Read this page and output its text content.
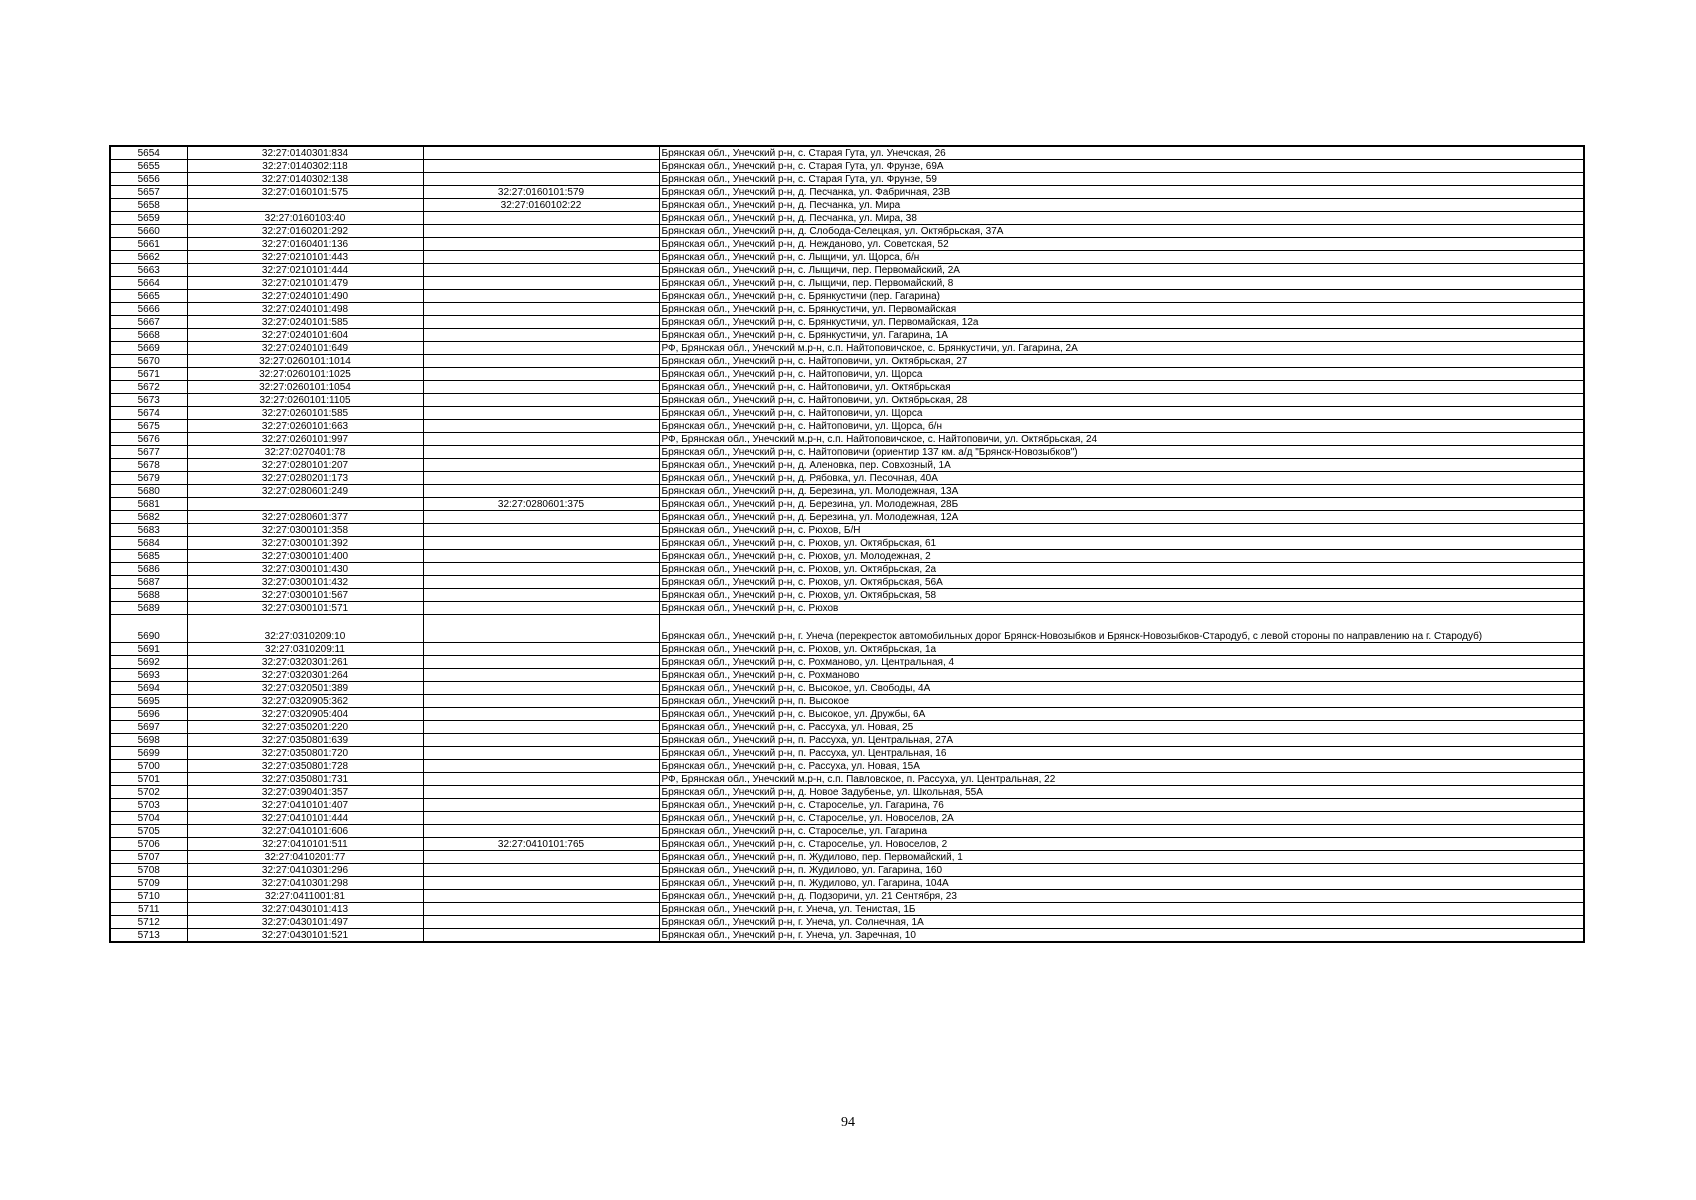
5654	32:27:0140301:834		Брянская обл., Унечский р-н, с. Старая Гута, ул. Унечская, 26
5655	32:27:0140302:118		Брянская обл., Унечский р-н, с. Старая Гута, ул. Фрунзе, 69А
5656	32:27:0140302:138		Брянская обл., Унечский р-н, с. Старая Гута, ул. Фрунзе, 59
5657	32:27:0160101:575	32:27:0160101:579	Брянская обл., Унечский р-н, д. Песчанка, ул. Фабричная, 23В
5658		32:27:0160102:22	Брянская обл., Унечский р-н, д. Песчанка, ул. Мира
5659	32:27:0160103:40		Брянская обл., Унечский р-н, д. Песчанка, ул. Мира, 38
5660	32:27:0160201:292		Брянская обл., Унечский р-н, д. Слобода-Селецкая, ул. Октябрьская, 37А
5661	32:27:0160401:136		Брянская обл., Унечский р-н, д. Нежданово, ул. Советская, 52
5662	32:27:0210101:443		Брянская обл., Унечский р-н, с. Лыщичи, ул. Щорса, б/н
5663	32:27:0210101:444		Брянская обл., Унечский р-н, с. Лыщичи, пер. Первомайский, 2А
5664	32:27:0210101:479		Брянская обл., Унечский р-н, с. Лыщичи, пер. Первомайский, 8
5665	32:27:0240101:490		Брянская обл., Унечский р-н, с. Брянкустичи (пер. Гагарина)
5666	32:27:0240101:498		Брянская обл., Унечский р-н, с. Брянкустичи, ул. Первомайская
5667	32:27:0240101:585		Брянская обл., Унечский р-н, с. Брянкустичи, ул. Первомайская, 12а
5668	32:27:0240101:604		Брянская обл., Унечский р-н, с. Брянкустичи, ул. Гагарина, 1А
5669	32:27:0240101:649		РФ, Брянская обл., Унечский м.р-н, с.п. Найтоповичское, с. Брянкустичи, ул. Гагарина, 2А
5670	32:27:0260101:1014		Брянская обл., Унечский р-н, с. Найтоповичи, ул. Октябрьская, 27
5671	32:27:0260101:1025		Брянская обл., Унечский р-н, с. Найтоповичи, ул. Щорса
5672	32:27:0260101:1054		Брянская обл., Унечский р-н, с. Найтоповичи, ул. Октябрьская
5673	32:27:0260101:1105		Брянская обл., Унечский р-н, с. Найтоповичи, ул. Октябрьская, 28
5674	32:27:0260101:585		Брянская обл., Унечский р-н, с. Найтоповичи, ул. Щорса
5675	32:27:0260101:663		Брянская обл., Унечский р-н, с. Найтоповичи, ул. Щорса, б/н
5676	32:27:0260101:997		РФ, Брянская обл., Унечский м.р-н, с.п. Найтоповичское, с. Найтоповичи, ул. Октябрьская, 24
5677	32:27:0270401:78		Брянская обл., Унечский р-н, с. Найтоповичи (ориентир 137 км. а/д "Брянск-Новозыбков")
5678	32:27:0280101:207		Брянская обл., Унечский р-н, д. Аленовка, пер. Совхозный, 1А
5679	32:27:0280201:173		Брянская обл., Унечский р-н, д. Рябовка, ул. Песочная, 40А
5680	32:27:0280601:249		Брянская обл., Унечский р-н, д. Березина, ул. Молодежная, 13А
5681		32:27:0280601:375	Брянская обл., Унечский р-н, д. Березина, ул. Молодежная, 28Б
5682	32:27:0280601:377		Брянская обл., Унечский р-н, д. Березина, ул. Молодежная, 12А
5683	32:27:0300101:358		Брянская обл., Унечский р-н, с. Рюхов, Б/Н
5684	32:27:0300101:392		Брянская обл., Унечский р-н, с. Рюхов, ул. Октябрьская, 61
5685	32:27:0300101:400		Брянская обл., Унечский р-н, с. Рюхов, ул. Молодежная, 2
5686	32:27:0300101:430		Брянская обл., Унечский р-н, с. Рюхов, ул. Октябрьская, 2а
5687	32:27:0300101:432		Брянская обл., Унечский р-н, с. Рюхов, ул. Октябрьская, 56А
5688	32:27:0300101:567		Брянская обл., Унечский р-н, с. Рюхов, ул. Октябрьская, 58
5689	32:27:0300101:571		Брянская обл., Унечский р-н, с. Рюхов
5690	32:27:0310209:10		Брянская обл., Унечский р-н, г. Унеча (перекресток автомобильных дорог Брянск-Новозыбков и Брянск-Новозыбков-Стародуб, с левой стороны по направлению на г. Стародуб)
5691	32:27:0310209:11		Брянская обл., Унечский р-н, с. Рюхов, ул. Октябрьская, 1а
5692	32:27:0320301:261		Брянская обл., Унечский р-н, с. Рохманово, ул. Центральная, 4
5693	32:27:0320301:264		Брянская обл., Унечский р-н, с. Рохманово
5694	32:27:0320501:389		Брянская обл., Унечский р-н, с. Высокое, ул. Свободы, 4А
5695	32:27:0320905:362		Брянская обл., Унечский р-н, п. Высокое
5696	32:27:0320905:404		Брянская обл., Унечский р-н, с. Высокое, ул. Дружбы, 6А
5697	32:27:0350201:220		Брянская обл., Унечский р-н, с. Рассуха, ул. Новая, 25
5698	32:27:0350801:639		Брянская обл., Унечский р-н, п. Рассуха, ул. Центральная, 27А
5699	32:27:0350801:720		Брянская обл., Унечский р-н, п. Рассуха, ул. Центральная, 16
5700	32:27:0350801:728		Брянская обл., Унечский р-н, с. Рассуха, ул. Новая, 15А
5701	32:27:0350801:731		РФ, Брянская обл., Унечский м.р-н, с.п. Павловское, п. Рассуха, ул. Центральная, 22
5702	32:27:0390401:357		Брянская обл., Унечский р-н, д. Новое Задубенье, ул. Школьная, 55А
5703	32:27:0410101:407		Брянская обл., Унечский р-н, с. Староселье, ул. Гагарина, 76
5704	32:27:0410101:444		Брянская обл., Унечский р-н, с. Староселье, ул. Новоселов, 2А
5705	32:27:0410101:606		Брянская обл., Унечский р-н, с. Староселье, ул. Гагарина
5706	32:27:0410101:511	32:27:0410101:765	Брянская обл., Унечский р-н, с. Староселье, ул. Новоселов, 2
5707	32:27:0410201:77		Брянская обл., Унечский р-н, п. Жудилово, пер. Первомайский, 1
5708	32:27:0410301:296		Брянская обл., Унечский р-н, п. Жудилово, ул. Гагарина, 160
5709	32:27:0410301:298		Брянская обл., Унечский р-н, п. Жудилово, ул. Гагарина, 104А
5710	32:27:0411001:81		Брянская обл., Унечский р-н, д. Подзоричи, ул. 21 Сентября, 23
5711	32:27:0430101:413		Брянская обл., Унечский р-н, г. Унеча, ул. Тенистая, 1Б
5712	32:27:0430101:497		Брянская обл., Унечский р-н, г. Унеча, ул. Солнечная, 1А
5713	32:27:0430101:521		Брянская обл., Унечский р-н, г. Унеча, ул. Заречная, 10
94
